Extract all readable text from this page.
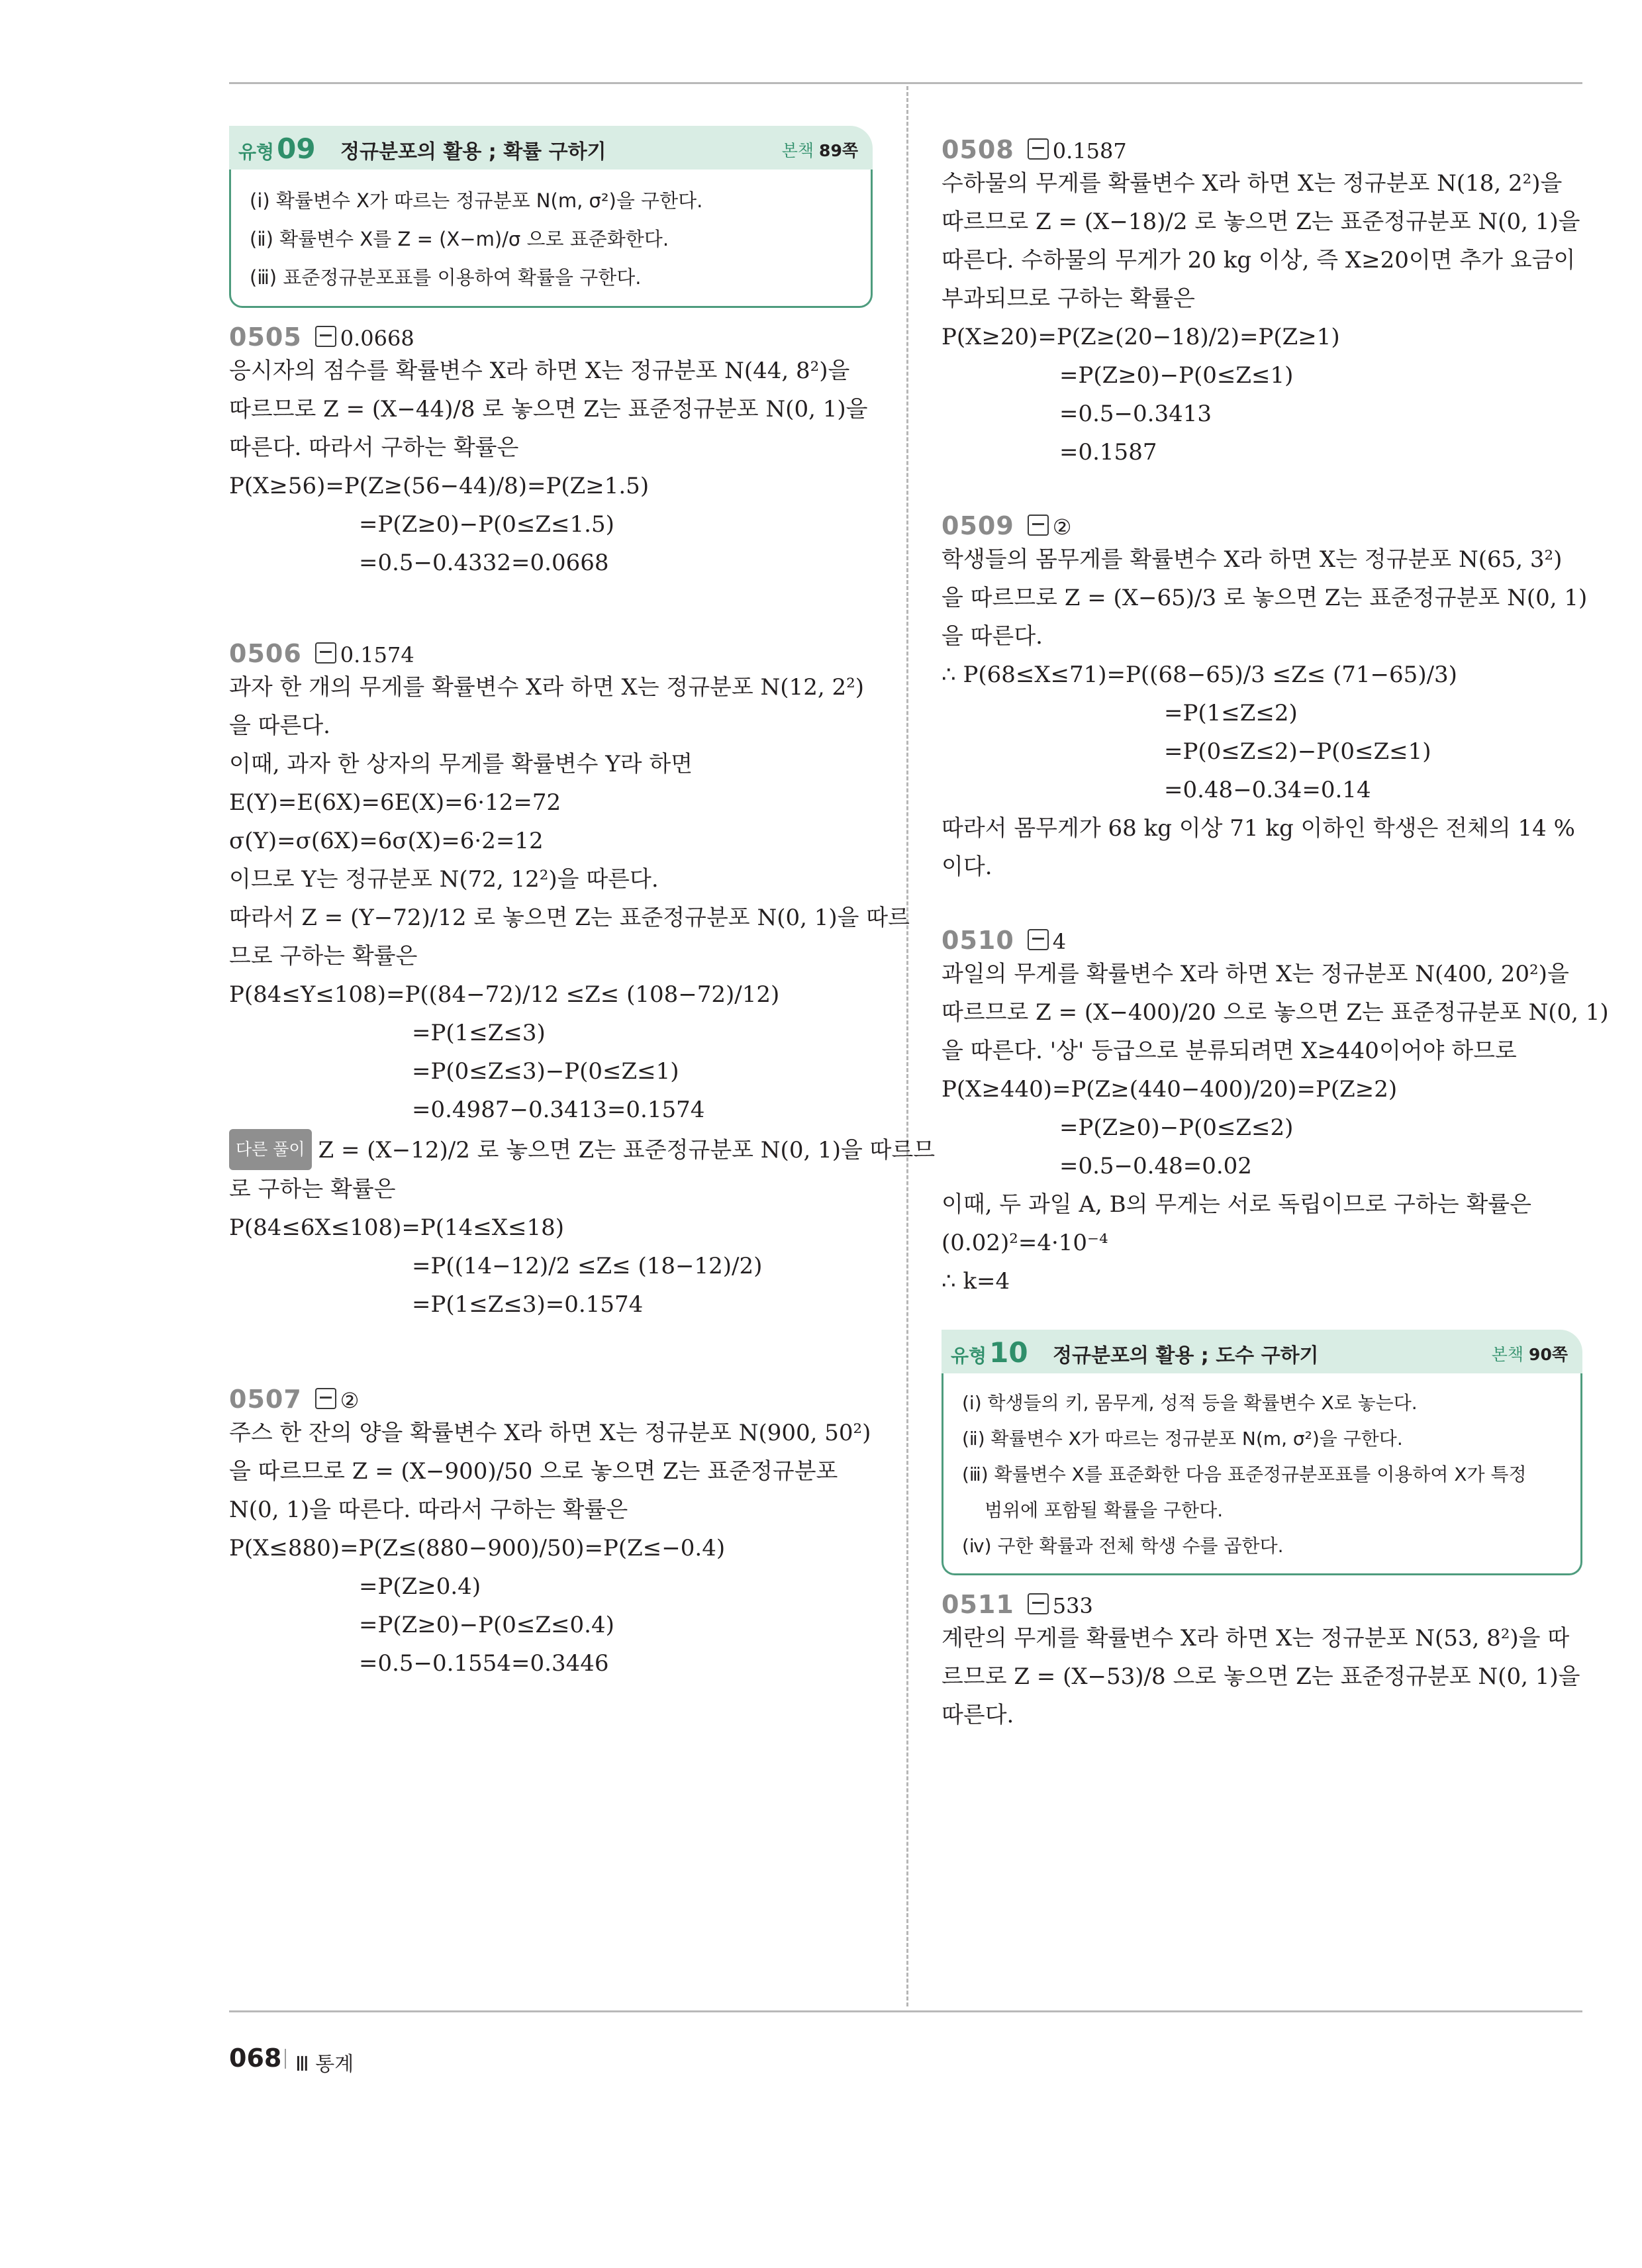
유형09 정규분포의 활용 ; 확률 구하기	본책 89쪽
(ⅰ) 확률변수 X가 따르는 정규분포 N(m, σ²)을 구한다.
(ⅱ) 확률변수 X를 Z = (X−m)/σ 으로 표준화한다.
(ⅲ) 표준정규분포표를 이용하여 확률을 구한다.
0505 0.0668
응시자의 점수를 확률변수 X라 하면 X는 정규분포 N(44, 8²)을
따르므로 Z = (X−44)/8 로 놓으면 Z는 표준정규분포 N(0, 1)을
따른다. 따라서 구하는 확률은
P(X≥56)=P(Z≥(56−44)/8)=P(Z≥1.5)
=P(Z≥0)−P(0≤Z≤1.5)
=0.5−0.4332=0.0668
0506 0.1574
과자 한 개의 무게를 확률변수 X라 하면 X는 정규분포 N(12, 2²)
을 따른다.
이때, 과자 한 상자의 무게를 확률변수 Y라 하면
E(Y)=E(6X)=6E(X)=6·12=72
σ(Y)=σ(6X)=6σ(X)=6·2=12
이므로 Y는 정규분포 N(72, 12²)을 따른다.
따라서 Z = (Y−72)/12 로 놓으면 Z는 표준정규분포 N(0, 1)을 따르
므로 구하는 확률은
P(84≤Y≤108)=P((84−72)/12 ≤Z≤ (108−72)/12)
=P(1≤Z≤3)
=P(0≤Z≤3)−P(0≤Z≤1)
=0.4987−0.3413=0.1574
다른 풀이 Z = (X−12)/2 로 놓으면 Z는 표준정규분포 N(0, 1)을 따르므
로 구하는 확률은
P(84≤6X≤108)=P(14≤X≤18)
=P((14−12)/2 ≤Z≤ (18−12)/2)
=P(1≤Z≤3)=0.1574
0507 ②
주스 한 잔의 양을 확률변수 X라 하면 X는 정규분포 N(900, 50²)
을 따르므로 Z = (X−900)/50 으로 놓으면 Z는 표준정규분포
N(0, 1)을 따른다. 따라서 구하는 확률은
P(X≤880)=P(Z≤(880−900)/50)=P(Z≤−0.4)
=P(Z≥0.4)
=P(Z≥0)−P(0≤Z≤0.4)
=0.5−0.1554=0.3446
0508 0.1587
수하물의 무게를 확률변수 X라 하면 X는 정규분포 N(18, 2²)을
따르므로 Z = (X−18)/2 로 놓으면 Z는 표준정규분포 N(0, 1)을
따른다. 수하물의 무게가 20 kg 이상, 즉 X≥20이면 추가 요금이
부과되므로 구하는 확률은
P(X≥20)=P(Z≥(20−18)/2)=P(Z≥1)
=P(Z≥0)−P(0≤Z≤1)
=0.5−0.3413
=0.1587
0509 ②
학생들의 몸무게를 확률변수 X라 하면 X는 정규분포 N(65, 3²)
을 따르므로 Z = (X−65)/3 로 놓으면 Z는 표준정규분포 N(0, 1)
을 따른다.
∴ P(68≤X≤71)=P((68−65)/3 ≤Z≤ (71−65)/3)
=P(1≤Z≤2)
=P(0≤Z≤2)−P(0≤Z≤1)
=0.48−0.34=0.14
따라서 몸무게가 68 kg 이상 71 kg 이하인 학생은 전체의 14 %
이다.
0510 4
과일의 무게를 확률변수 X라 하면 X는 정규분포 N(400, 20²)을
따르므로 Z = (X−400)/20 으로 놓으면 Z는 표준정규분포 N(0, 1)
을 따른다. '상' 등급으로 분류되려면 X≥440이어야 하므로
P(X≥440)=P(Z≥(440−400)/20)=P(Z≥2)
=P(Z≥0)−P(0≤Z≤2)
=0.5−0.48=0.02
이때, 두 과일 A, B의 무게는 서로 독립이므로 구하는 확률은
(0.02)²=4·10⁻⁴
∴ k=4
유형10 정규분포의 활용 ; 도수 구하기	본책 90쪽
(ⅰ) 학생들의 키, 몸무게, 성적 등을 확률변수 X로 놓는다.
(ⅱ) 확률변수 X가 따르는 정규분포 N(m, σ²)을 구한다.
(ⅲ) 확률변수 X를 표준화한 다음 표준정규분포표를 이용하여 X가 특정
범위에 포함될 확률을 구한다.
(ⅳ) 구한 확률과 전체 학생 수를 곱한다.
0511 533
계란의 무게를 확률변수 X라 하면 X는 정규분포 N(53, 8²)을 따
르므로 Z = (X−53)/8 으로 놓으면 Z는 표준정규분포 N(0, 1)을
따른다.
068 Ⅲ 통계
